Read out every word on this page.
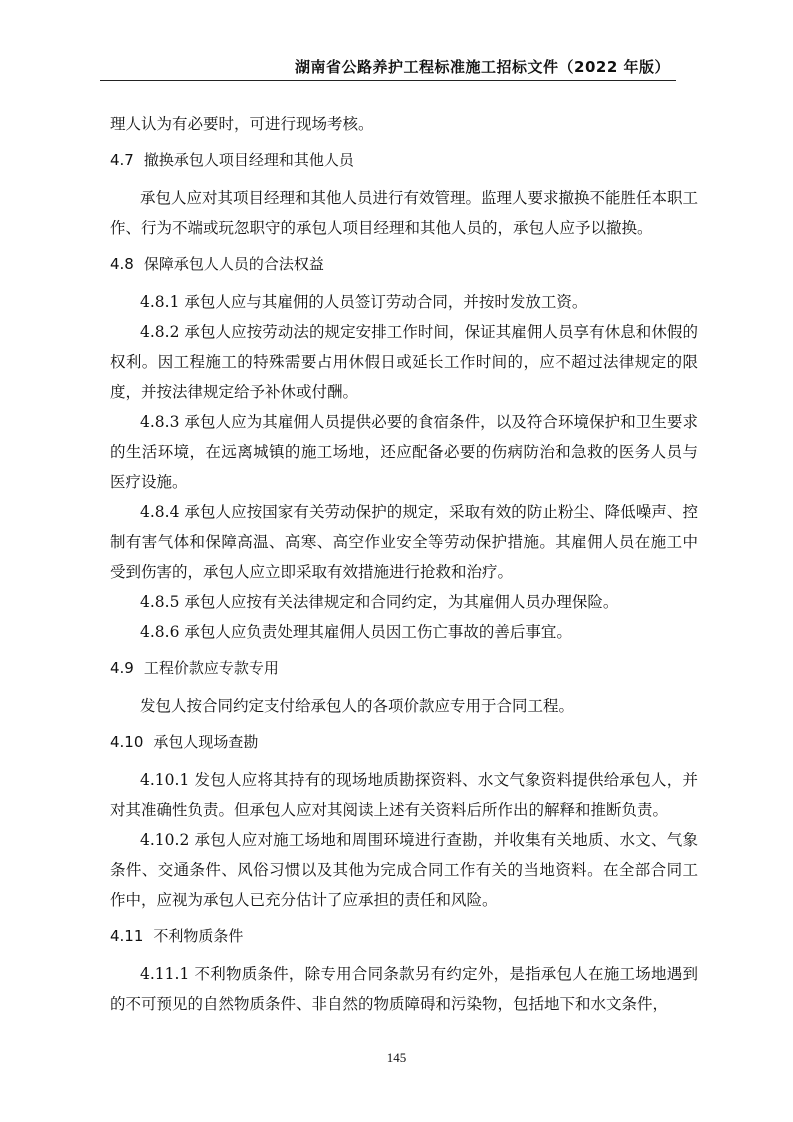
湖南省公路养护工程标准施工招标文件（2022 年版）

理人认为有必要时，可进行现场考核。

4.7 撤换承包人项目经理和其他人员

承包人应对其项目经理和其他人员进行有效管理。监理人要求撤换不能胜任本职工作、行为不端或玩忽职守的承包人项目经理和其他人员的，承包人应予以撤换。

4.8 保障承包人人员的合法权益

4.8.1 承包人应与其雇佣的人员签订劳动合同，并按时发放工资。

4.8.2 承包人应按劳动法的规定安排工作时间，保证其雇佣人员享有休息和休假的权利。因工程施工的特殊需要占用休假日或延长工作时间的，应不超过法律规定的限度，并按法律规定给予补休或付酬。

4.8.3 承包人应为其雇佣人员提供必要的食宿条件，以及符合环境保护和卫生要求的生活环境，在远离城镇的施工场地，还应配备必要的伤病防治和急救的医务人员与医疗设施。

4.8.4 承包人应按国家有关劳动保护的规定，采取有效的防止粉尘、降低噪声、控制有害气体和保障高温、高寒、高空作业安全等劳动保护措施。其雇佣人员在施工中受到伤害的，承包人应立即采取有效措施进行抢救和治疗。

4.8.5 承包人应按有关法律规定和合同约定，为其雇佣人员办理保险。

4.8.6 承包人应负责处理其雇佣人员因工伤亡事故的善后事宜。

4.9 工程价款应专款专用

发包人按合同约定支付给承包人的各项价款应专用于合同工程。

4.10 承包人现场查勘

4.10.1 发包人应将其持有的现场地质勘探资料、水文气象资料提供给承包人，并对其准确性负责。但承包人应对其阅读上述有关资料后所作出的解释和推断负责。

4.10.2 承包人应对施工场地和周围环境进行查勘，并收集有关地质、水文、气象条件、交通条件、风俗习惯以及其他为完成合同工作有关的当地资料。在全部合同工作中，应视为承包人已充分估计了应承担的责任和风险。

4.11 不利物质条件

4.11.1 不利物质条件，除专用合同条款另有约定外，是指承包人在施工场地遇到的不可预见的自然物质条件、非自然的物质障碍和污染物，包括地下和水文条件，

145
